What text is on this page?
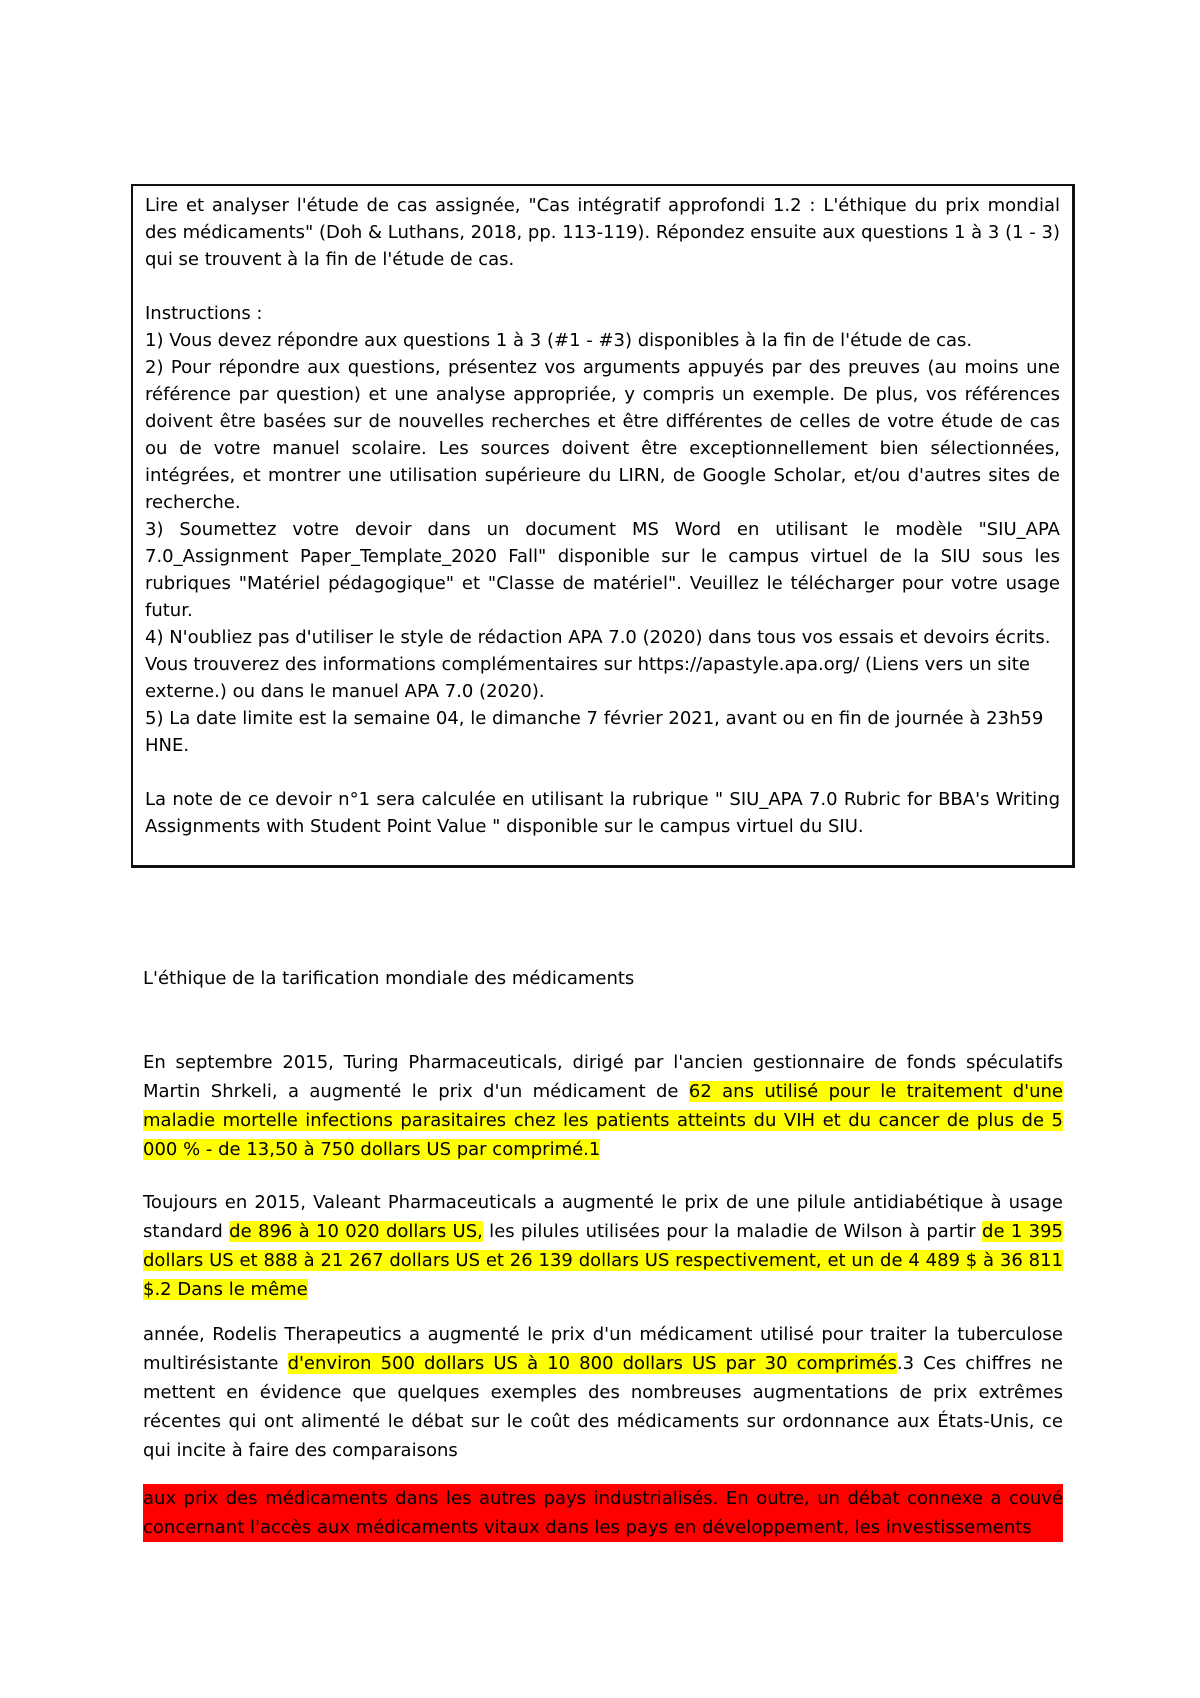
Lire et analyser l'étude de cas assignée, "Cas intégratif approfondi 1.2 : L'éthique du prix mondial des médicaments" (Doh & Luthans, 2018, pp. 113-119). Répondez ensuite aux questions 1 à 3 (1 - 3) qui se trouvent à la fin de l'étude de cas.

Instructions :

1) Vous devez répondre aux questions 1 à 3 (#1 - #3) disponibles à la fin de l'étude de cas.

2) Pour répondre aux questions, présentez vos arguments appuyés par des preuves (au moins une référence par question) et une analyse appropriée, y compris un exemple. De plus, vos références doivent être basées sur de nouvelles recherches et être différentes de celles de votre étude de cas ou de votre manuel scolaire. Les sources doivent être exceptionnellement bien sélectionnées, intégrées, et montrer une utilisation supérieure du LIRN, de Google Scholar, et/ou d'autres sites de recherche.

3) Soumettez votre devoir dans un document MS Word en utilisant le modèle "SIU_APA 7.0_Assignment Paper_Template_2020 Fall" disponible sur le campus virtuel de la SIU sous les rubriques "Matériel pédagogique" et "Classe de matériel". Veuillez le télécharger pour votre usage futur.

4) N'oubliez pas d'utiliser le style de rédaction APA 7.0 (2020) dans tous vos essais et devoirs écrits. Vous trouverez des informations complémentaires sur https://apastyle.apa.org/ (Liens vers un site externe.) ou dans le manuel APA 7.0 (2020).

5) La date limite est la semaine 04, le dimanche 7 février 2021, avant ou en fin de journée à 23h59 HNE.

La note de ce devoir n°1 sera calculée en utilisant la rubrique " SIU_APA 7.0 Rubric for BBA's Writing Assignments with Student Point Value " disponible sur le campus virtuel du SIU.

L'éthique de la tarification mondiale des médicaments

En septembre 2015, Turing Pharmaceuticals, dirigé par l'ancien gestionnaire de fonds spéculatifs Martin Shrkeli, a augmenté le prix d'un médicament de 62 ans utilisé pour le traitement d'une maladie mortelle infections parasitaires chez les patients atteints du VIH et du cancer de plus de 5 000 % - de 13,50 à 750 dollars US par comprimé.1

Toujours en 2015, Valeant Pharmaceuticals a augmenté le prix de une pilule antidiabétique à usage standard de 896 à 10 020 dollars US, les pilules utilisées pour la maladie de Wilson à partir de 1 395 dollars US et 888 à 21 267 dollars US et 26 139 dollars US respectivement, et un de 4 489 $ à 36 811 $.2 Dans le même

année, Rodelis Therapeutics a augmenté le prix d'un médicament utilisé pour traiter la tuberculose multirésistante d'environ 500 dollars US à 10 800 dollars US par 30 comprimés.3 Ces chiffres ne mettent en évidence que quelques exemples des nombreuses augmentations de prix extrêmes récentes qui ont alimenté le débat sur le coût des médicaments sur ordonnance aux États-Unis, ce qui incite à faire des comparaisons

aux prix des médicaments dans les autres pays industrialisés. En outre, un débat connexe a couvé concernant l'accès aux médicaments vitaux dans les pays en développement, les investissements
